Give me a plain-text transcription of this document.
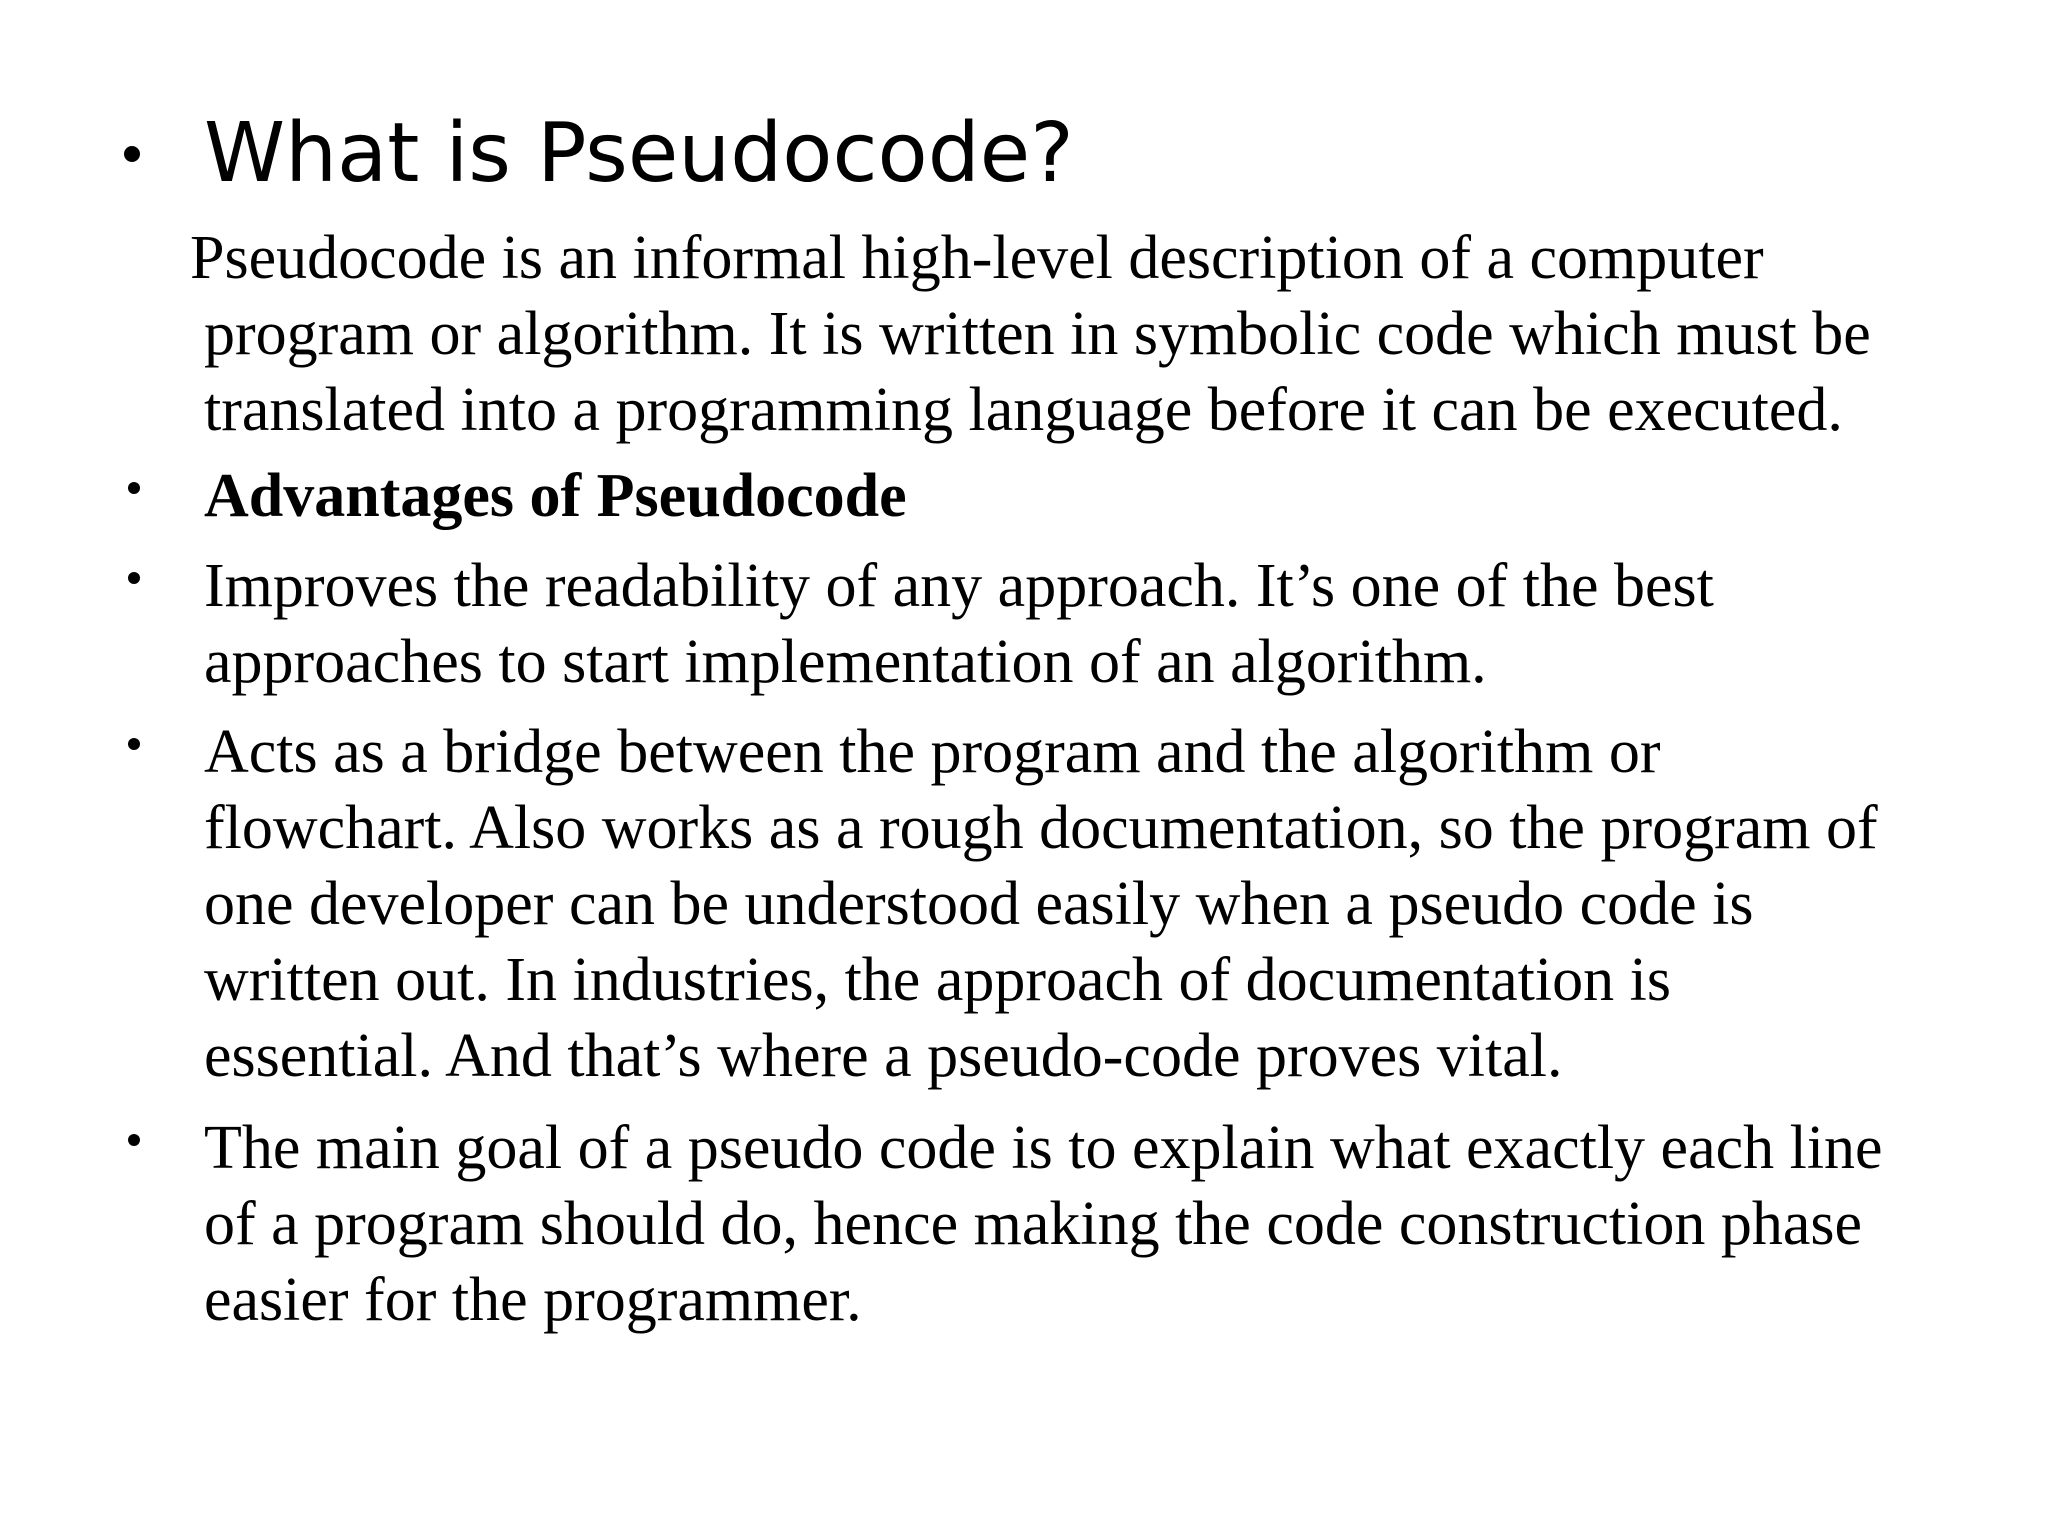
What is Pseudocode?
Pseudocode is an informal high-level description of a computer
program or algorithm. It is written in symbolic code which must be
translated into a programming language before it can be executed.
Advantages of Pseudocode
Improves the readability of any approach. It’s one of the best
approaches to start implementation of an algorithm.
Acts as a bridge between the program and the algorithm or
flowchart. Also works as a rough documentation, so the program of
one developer can be understood easily when a pseudo code is
written out. In industries, the approach of documentation is
essential. And that’s where a pseudo-code proves vital.
The main goal of a pseudo code is to explain what exactly each line
of a program should do, hence making the code construction phase
easier for the programmer.
